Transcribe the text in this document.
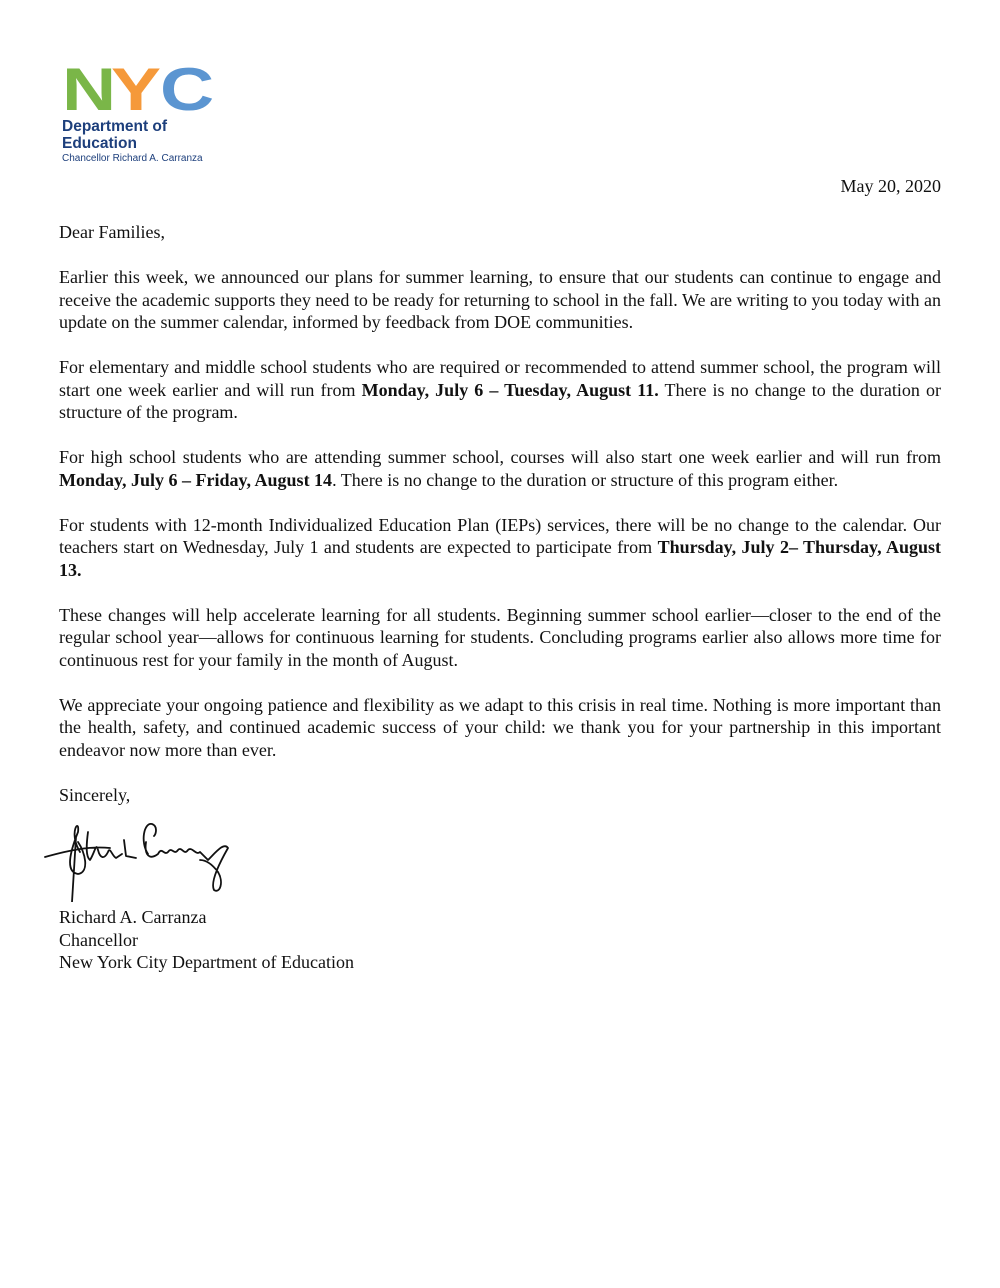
N
Y C
Department of
Education
Chancellor Richard A. Carranza
May 20, 2020

Dear Families,

Earlier this week, we announced our plans for summer learning, to ensure that our students can continue to engage and receive the academic supports they need to be ready for returning to school in the fall. We are writing to you today with an update on the summer calendar, informed by feedback from DOE communities.

For elementary and middle school students who are required or recommended to attend summer school, the program will start one week earlier and will run from Monday, July 6 – Tuesday, August 11. There is no change to the duration or structure of the program.

For high school students who are attending summer school, courses will also start one week earlier and will run from Monday, July 6 – Friday, August 14. There is no change to the duration or structure of this program either.

For students with 12-month Individualized Education Plan (IEPs) services, there will be no change to the calendar. Our teachers start on Wednesday, July 1 and students are expected to participate from Thursday, July 2– Thursday, August 13.

These changes will help accelerate learning for all students. Beginning summer school earlier—closer to the end of the regular school year—allows for continuous learning for students. Concluding programs earlier also allows more time for continuous rest for your family in the month of August.

We appreciate your ongoing patience and flexibility as we adapt to this crisis in real time. Nothing is more important than the health, safety, and continued academic success of your child: we thank you for your partnership in this important endeavor now more than ever.

Sincerely,

Richard A. Carranza
Chancellor
New York City Department of Education
